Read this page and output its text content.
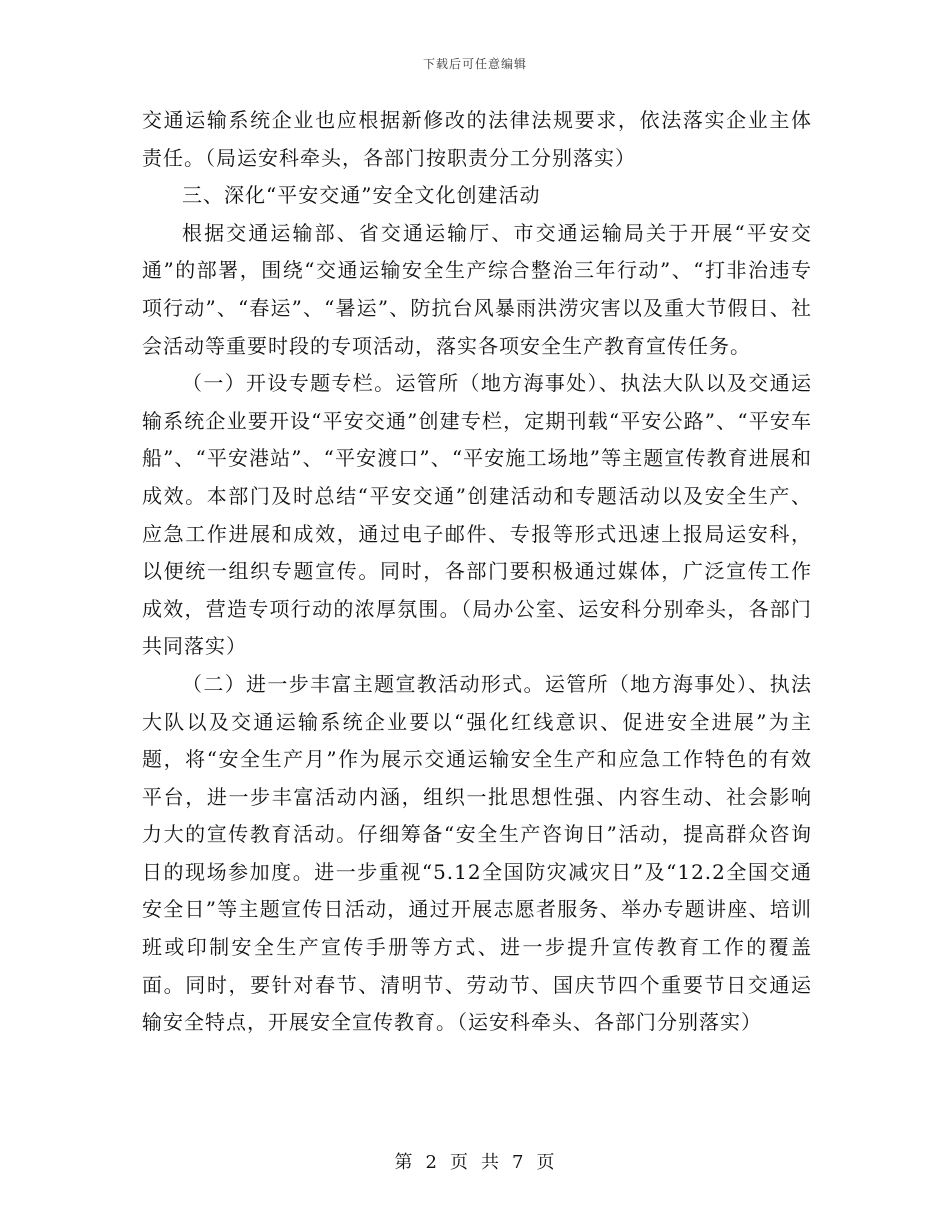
下载后可任意编辑

交通运输系统企业也应根据新修改的法律法规要求，依法落实企业主体责任。（局运安科牵头，各部门按职责分工分别落实）

三、深化“平安交通”安全文化创建活动

根据交通运输部、省交通运输厅、市交通运输局关于开展“平安交通”的部署，围绕“交通运输安全生产综合整治三年行动”、“打非治违专项行动”、“春运”、“暑运”、防抗台风暴雨洪涝灾害以及重大节假日、社会活动等重要时段的专项活动，落实各项安全生产教育宣传任务。

（一）开设专题专栏。运管所（地方海事处）、执法大队以及交通运输系统企业要开设“平安交通”创建专栏，定期刊载“平安公路”、“平安车船”、“平安港站”、“平安渡口”、“平安施工场地”等主题宣传教育进展和成效。本部门及时总结“平安交通”创建活动和专题活动以及安全生产、应急工作进展和成效，通过电子邮件、专报等形式迅速上报局运安科，以便统一组织专题宣传。同时，各部门要积极通过媒体，广泛宣传工作成效，营造专项行动的浓厚氛围。（局办公室、运安科分别牵头，各部门共同落实）

（二）进一步丰富主题宣教活动形式。运管所（地方海事处）、执法大队以及交通运输系统企业要以“强化红线意识、促进安全进展”为主题，将“安全生产月”作为展示交通运输安全生产和应急工作特色的有效平台，进一步丰富活动内涵，组织一批思想性强、内容生动、社会影响力大的宣传教育活动。仔细筹备“安全生产咨询日”活动，提高群众咨询日的现场参加度。进一步重视“5.12全国防灾减灾日”及“12.2全国交通安全日”等主题宣传日活动，通过开展志愿者服务、举办专题讲座、培训班或印制安全生产宣传手册等方式、进一步提升宣传教育工作的覆盖面。同时，要针对春节、清明节、劳动节、国庆节四个重要节日交通运输安全特点，开展安全宣传教育。（运安科牵头、各部门分别落实）

第 2 页 共 7 页
